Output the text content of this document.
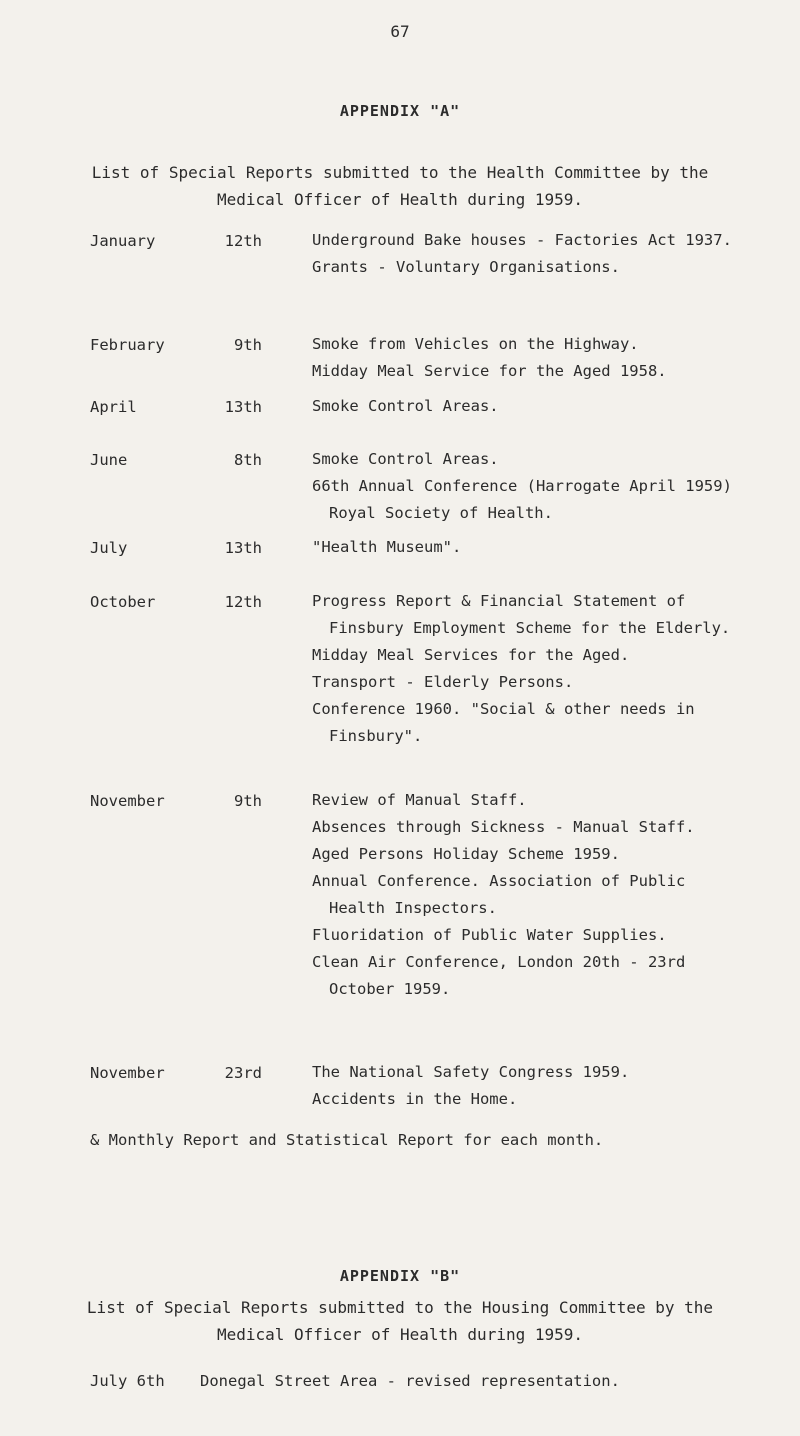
67
APPENDIX "A"
List of Special Reports submitted to the Health Committee by the
Medical Officer of Health during 1959.
January	12th	Underground Bake houses - Factories Act 1937.

Grants - Voluntary Organisations.

February	9th	Smoke from Vehicles on the Highway.

Midday Meal Service for the Aged 1958.

April	13th	Smoke Control Areas.

June	8th	Smoke Control Areas.

66th Annual Conference (Harrogate April 1959) Royal Society of Health.

July	13th	"Health Museum".

October	12th	Progress Report & Financial Statement of Finsbury Employment Scheme for the Elderly.

Midday Meal Services for the Aged.

Transport - Elderly Persons.

Conference 1960. "Social & other needs in Finsbury".

November	9th	Review of Manual Staff.

Absences through Sickness - Manual Staff.

Aged Persons Holiday Scheme 1959.

Annual Conference. Association of Public Health Inspectors.

Fluoridation of Public Water Supplies.

Clean Air Conference, London 20th - 23rd October 1959.

November	23rd	The National Safety Congress 1959.

Accidents in the Home.

& Monthly Report and Statistical Report for each month.
APPENDIX "B"
List of Special Reports submitted to the Housing Committee by the
Medical Officer of Health during 1959.
July 6th Donegal Street Area - revised representation.
